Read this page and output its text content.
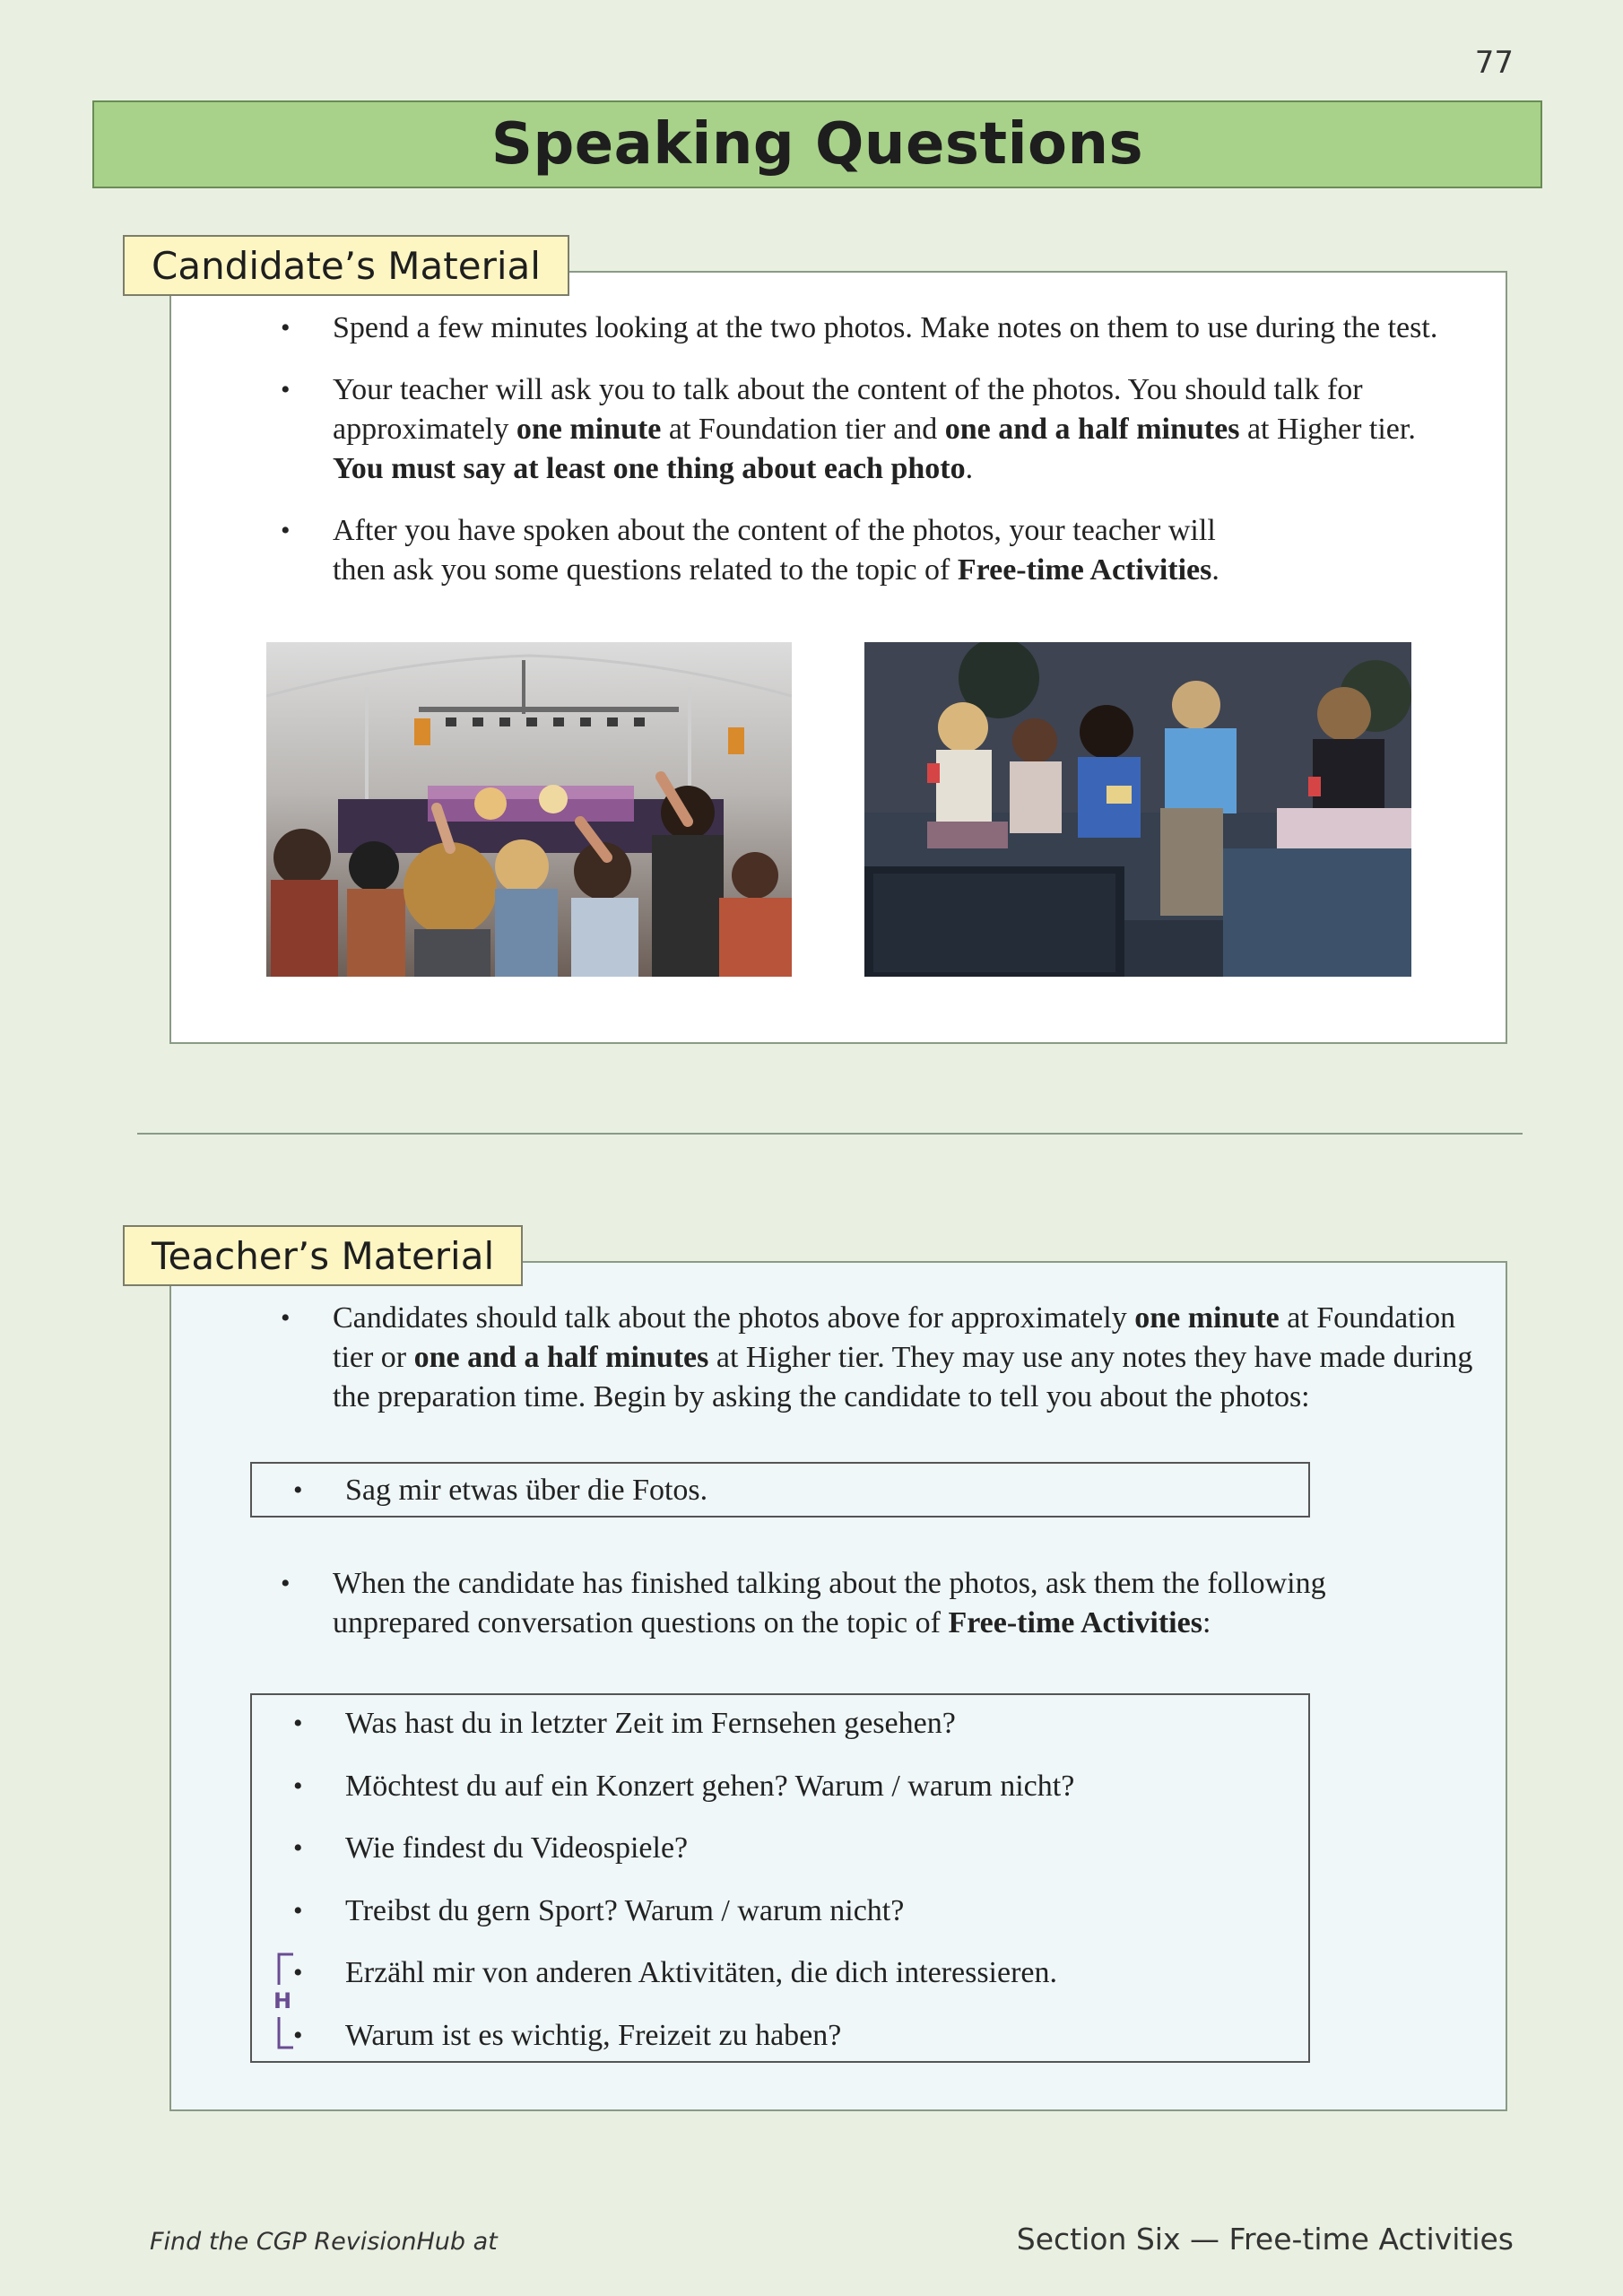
77
Speaking Questions
• Spend a few minutes looking at the two photos. Make notes on them to use during the test.
• Your teacher will ask you to talk about the content of the photos. You should talk for approximately one minute at Foundation tier and one and a half minutes at Higher tier. You must say at least one thing about each photo.
• After you have spoken about the content of the photos, your teacher will then ask you some questions related to the topic of Free-time Activities.
Candidate’s Material
• Candidates should talk about the photos above for approximately one minute at Foundation tier or one and a half minutes at Higher tier. They may use any notes they have made during the preparation time. Begin by asking the candidate to tell you about the photos:
• Sag mir etwas über die Fotos.
• When the candidate has finished talking about the photos, ask them the following unprepared conversation questions on the topic of Free-time Activities:
• Was hast du in letzter Zeit im Fernsehen gesehen?
• Möchtest du auf ein Konzert gehen? Warum / warum nicht?
• Wie findest du Videospiele?
• Treibst du gern Sport? Warum / warum nicht?
• Erzähl mir von anderen Aktivitäten, die dich interessieren.
• Warum ist es wichtig, Freizeit zu haben?
H
Teacher’s Material
Find the CGP RevisionHub at	Section Six — Free-time Activities
